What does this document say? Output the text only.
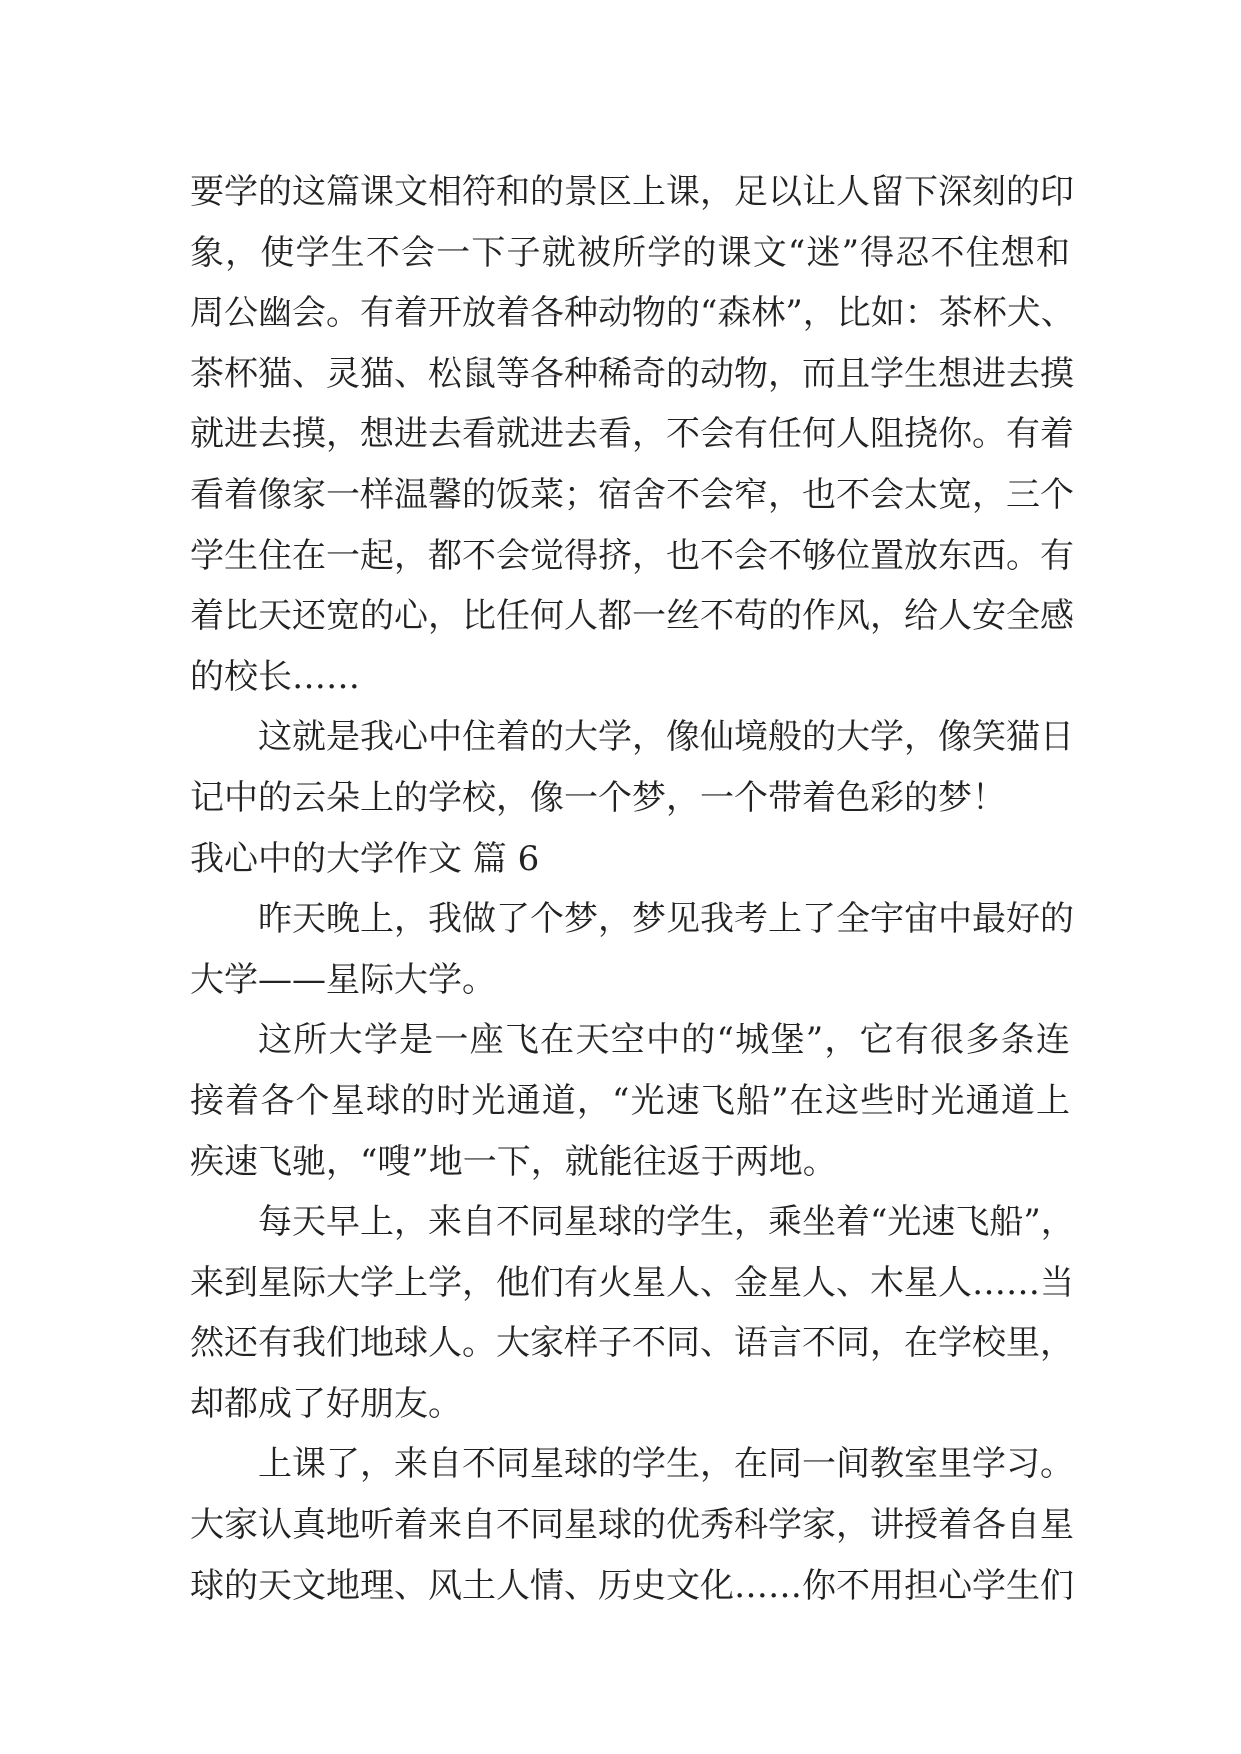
要学的这篇课文相符和的景区上课，足以让人留下深刻的印
象，使学生不会一下子就被所学的课文“迷”得忍不住想和
周公幽会。有着开放着各种动物的“森林”，比如：茶杯犬、
茶杯猫、灵猫、松鼠等各种稀奇的动物，而且学生想进去摸
就进去摸，想进去看就进去看，不会有任何人阻挠你。有着
看着像家一样温馨的饭菜；宿舍不会窄，也不会太宽，三个
学生住在一起，都不会觉得挤，也不会不够位置放东西。有
着比天还宽的心，比任何人都一丝不苟的作风，给人安全感
的校长……
这就是我心中住着的大学，像仙境般的大学，像笑猫日
记中的云朵上的学校，像一个梦，一个带着色彩的梦！
我心中的大学作文 篇 6
昨天晚上，我做了个梦，梦见我考上了全宇宙中最好的
大学——星际大学。
这所大学是一座飞在天空中的“城堡”，它有很多条连
接着各个星球的时光通道，“光速飞船”在这些时光通道上
疾速飞驰，“嗖”地一下，就能往返于两地。
每天早上，来自不同星球的学生，乘坐着“光速飞船”，
来到星际大学上学，他们有火星人、金星人、木星人……当
然还有我们地球人。大家样子不同、语言不同，在学校里，
却都成了好朋友。
上课了，来自不同星球的学生，在同一间教室里学习。
大家认真地听着来自不同星球的优秀科学家，讲授着各自星
球的天文地理、风土人情、历史文化……你不用担心学生们
